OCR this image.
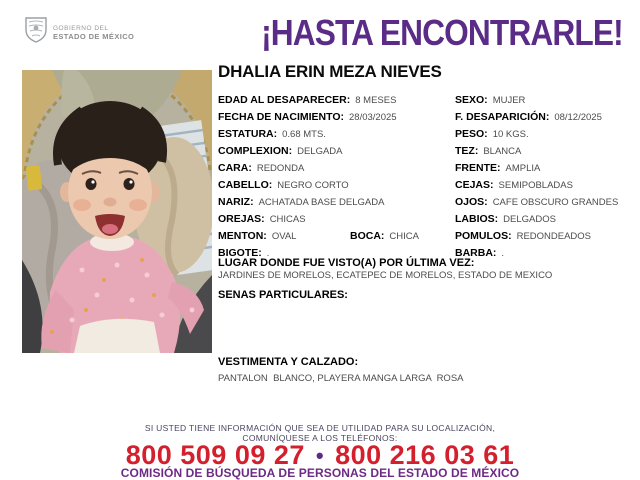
GOBIERNO DEL
ESTADO DE MÉXICO	¡HASTA ENCONTRARLE!
DHALIA ERIN MEZA NIEVES
EDAD AL DESAPARECER: 8 MESES	SEXO: MUJER
FECHA DE NACIMIENTO: 28/03/2025	F. DESAPARICIÓN: 08/12/2025
ESTATURA: 0.68 MTS.	PESO: 10 KGS.
COMPLEXION: DELGADA	TEZ: BLANCA
CARA: REDONDA	FRENTE: AMPLIA
CABELLO: NEGRO CORTO	CEJAS: SEMIPOBLADAS
NARIZ: ACHATADA BASE DELGADA	OJOS: CAFE OBSCURO GRANDES
OREJAS: CHICAS	LABIOS: DELGADOS
MENTON: OVAL	BOCA: CHICA	POMULOS: REDONDEADOS
BIGOTE: .	BARBA: .
LUGAR DONDE FUE VISTO(A) POR ÚLTIMA VEZ:
JARDINES DE MORELOS, ECATEPEC DE MORELOS, ESTADO DE MEXICO
SENAS PARTICULARES:
VESTIMENTA Y CALZADO:
PANTALON  BLANCO, PLAYERA MANGA LARGA  ROSA
SI USTED TIENE INFORMACIÓN QUE SEA DE UTILIDAD PARA SU LOCALIZACIÓN,
COMUNÍQUESE A LOS TELÉFONOS:
800 509 09 27 • 800 216 03 61
COMISIÓN DE BÚSQUEDA DE PERSONAS DEL ESTADO DE MÉXICO
